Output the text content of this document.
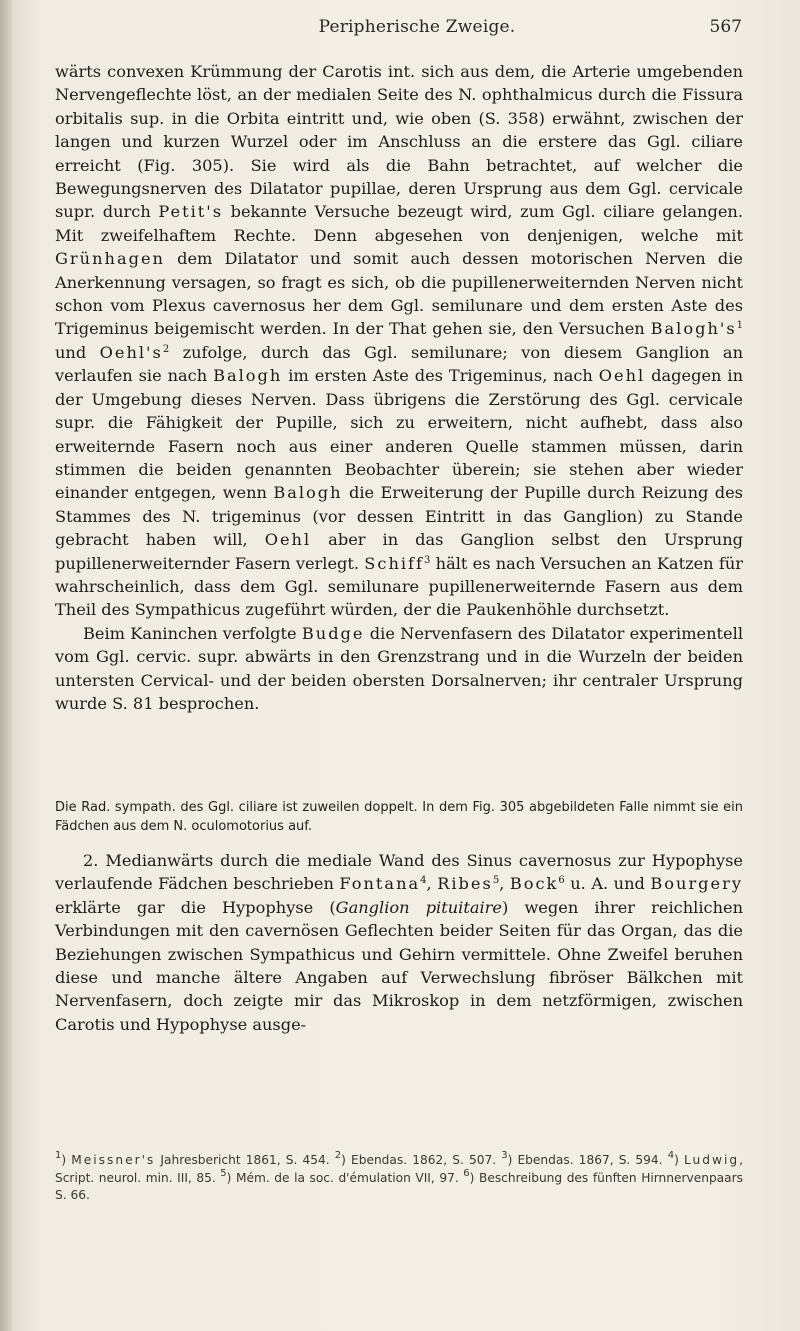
Peripherische Zweige.	567

wärts convexen Krümmung der Carotis int. sich aus dem, die Arterie umgebenden Nervengeflechte löst, an der medialen Seite des N. ophthalmicus durch die Fissura orbitalis sup. in die Orbita eintritt und, wie oben (S. 358) erwähnt, zwischen der langen und kurzen Wurzel oder im Anschluss an die erstere das Ggl. ciliare erreicht (Fig. 305). Sie wird als die Bahn betrachtet, auf welcher die Bewegungsnerven des Dilatator pupillae, deren Ursprung aus dem Ggl. cervicale supr. durch Petit's bekannte Versuche bezeugt wird, zum Ggl. ciliare gelangen. Mit zweifelhaftem Rechte. Denn abgesehen von denjenigen, welche mit Grünhagen dem Dilatator und somit auch dessen motorischen Nerven die Anerkennung versagen, so fragt es sich, ob die pupillenerweiternden Nerven nicht schon vom Plexus cavernosus her dem Ggl. semilunare und dem ersten Aste des Trigeminus beigemischt werden. In der That gehen sie, den Versuchen $Balogh's^1$ und $Oehl's^2$ zufolge, durch das Ggl. semilunare; von diesem Ganglion an verlaufen sie nach Balogh im ersten Aste des Trigeminus, nach Oehl dagegen in der Umgebung dieses Nerven. Dass übrigens die Zerstörung des Ggl. cervicale supr. die Fähigkeit der Pupille, sich zu erweitern, nicht aufhebt, dass also erweiternde Fasern noch aus einer anderen Quelle stammen müssen, darin stimmen die beiden genannten Beobachter überein; sie stehen aber wieder einander entgegen, wenn Balogh die Erweiterung der Pupille durch Reizung des Stammes des N. trigeminus (vor dessen Eintritt in das Ganglion) zu Stande gebracht haben will, Oehl aber in das Ganglion selbst den Ursprung pupillenerweiternder Fasern verlegt. Schiff$^3$ hält es nach Versuchen an Katzen für wahrscheinlich, dass dem Ggl. semilunare pupillenerweiternde Fasern aus dem Theil des Sympathicus zugeführt würden, der die Paukenhöhle durchsetzt.

Beim Kaninchen verfolgte Budge die Nervenfasern des Dilatator experimentell vom Ggl. cervic. supr. abwärts in den Grenzstrang und in die Wurzeln der beiden untersten Cervical- und der beiden obersten Dorsalnerven; ihr centraler Ursprung wurde S. 81 besprochen.

Die Rad. sympath. des Ggl. ciliare ist zuweilen doppelt. In dem Fig. 305 abgebildeten Falle nimmt sie ein Fädchen aus dem N. oculomotorius auf.

2. Medianwärts durch die mediale Wand des Sinus cavernosus zur Hypophyse verlaufende Fädchen beschrieben Fontana$^4$, Ribes$^5$, Bock$^6$ u. A. und Bourgery erklärte gar die Hypophyse (Ganglion pituitaire) wegen ihrer reichlichen Verbindungen mit den cavernösen Geflechten beider Seiten für das Organ, das die Beziehungen zwischen Sympathicus und Gehirn vermittele. Ohne Zweifel beruhen diese und manche ältere Angaben auf Verwechslung fibröser Bälkchen mit Nervenfasern, doch zeigte mir das Mikroskop in dem netzförmigen, zwischen Carotis und Hypophyse ausge-

$^1$) Meissner's Jahresbericht 1861, S. 454. $^2$) Ebendas. 1862, S. 507. $^3$) Ebendas. 1867, S. 594. $^4$) Ludwig, Script. neurol. min. III, 85. $^5$) Mém. de la soc. d'émulation VII, 97. $^6$) Beschreibung des fünften Hirnnervenpaars S. 66.
